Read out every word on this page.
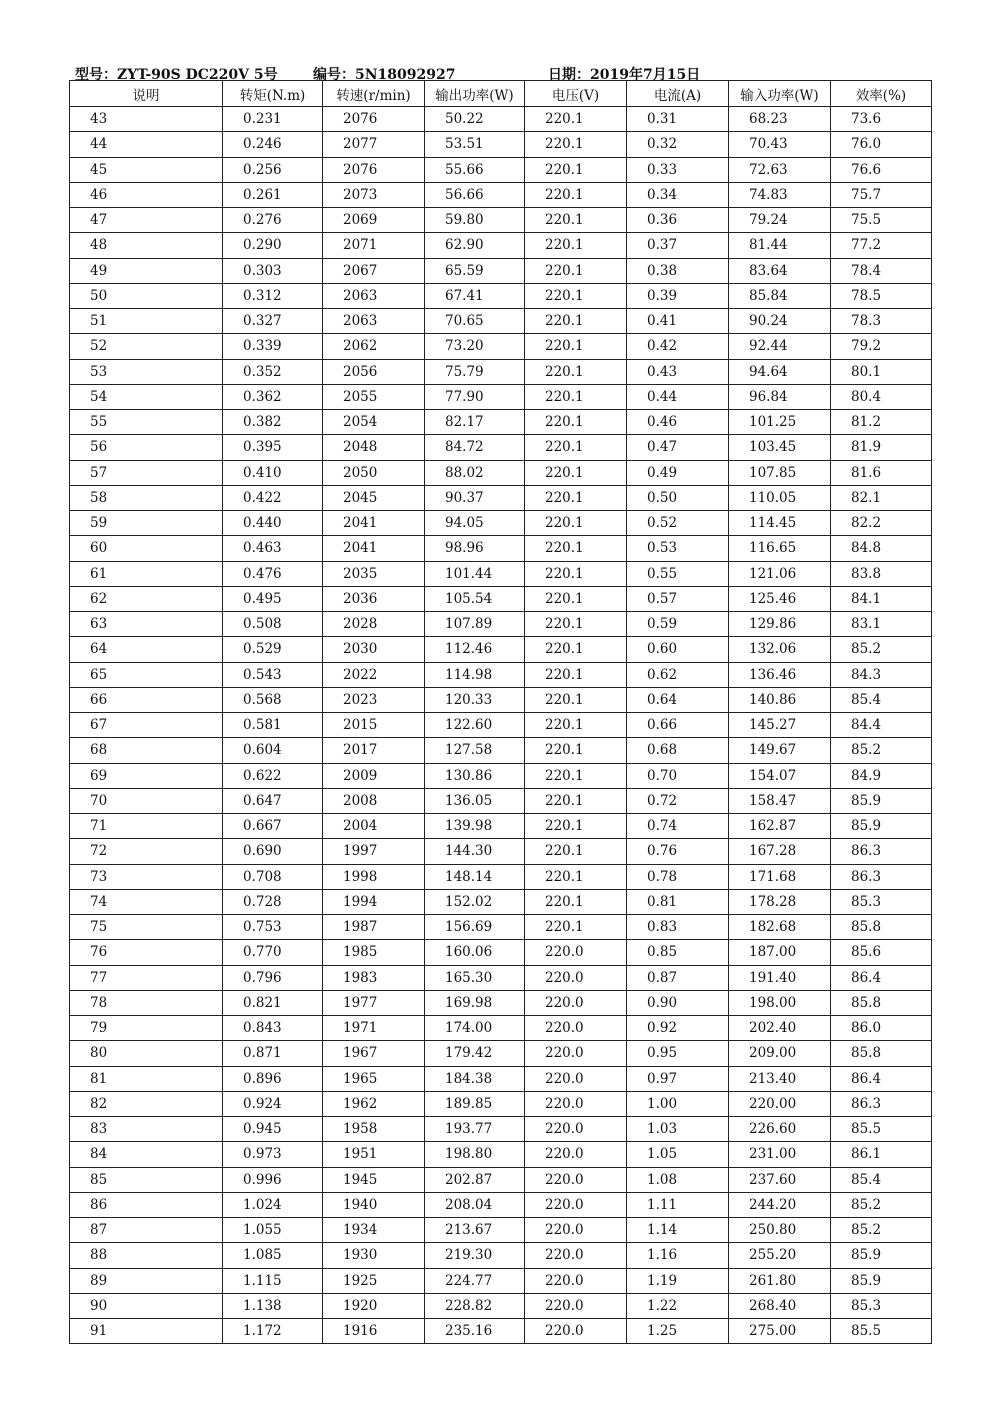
型号：ZYT-90S DC220V 5号	编号：5N18092927	日期：2019年7月15日
说明	转矩(N.m)	转速(r/min)	输出功率(W)	电压(V)	电流(A)	输入功率(W)	效率(%)
43	0.231	2076	50.22	220.1	0.31	68.23	73.6
44	0.246	2077	53.51	220.1	0.32	70.43	76.0
45	0.256	2076	55.66	220.1	0.33	72.63	76.6
46	0.261	2073	56.66	220.1	0.34	74.83	75.7
47	0.276	2069	59.80	220.1	0.36	79.24	75.5
48	0.290	2071	62.90	220.1	0.37	81.44	77.2
49	0.303	2067	65.59	220.1	0.38	83.64	78.4
50	0.312	2063	67.41	220.1	0.39	85.84	78.5
51	0.327	2063	70.65	220.1	0.41	90.24	78.3
52	0.339	2062	73.20	220.1	0.42	92.44	79.2
53	0.352	2056	75.79	220.1	0.43	94.64	80.1
54	0.362	2055	77.90	220.1	0.44	96.84	80.4
55	0.382	2054	82.17	220.1	0.46	101.25	81.2
56	0.395	2048	84.72	220.1	0.47	103.45	81.9
57	0.410	2050	88.02	220.1	0.49	107.85	81.6
58	0.422	2045	90.37	220.1	0.50	110.05	82.1
59	0.440	2041	94.05	220.1	0.52	114.45	82.2
60	0.463	2041	98.96	220.1	0.53	116.65	84.8
61	0.476	2035	101.44	220.1	0.55	121.06	83.8
62	0.495	2036	105.54	220.1	0.57	125.46	84.1
63	0.508	2028	107.89	220.1	0.59	129.86	83.1
64	0.529	2030	112.46	220.1	0.60	132.06	85.2
65	0.543	2022	114.98	220.1	0.62	136.46	84.3
66	0.568	2023	120.33	220.1	0.64	140.86	85.4
67	0.581	2015	122.60	220.1	0.66	145.27	84.4
68	0.604	2017	127.58	220.1	0.68	149.67	85.2
69	0.622	2009	130.86	220.1	0.70	154.07	84.9
70	0.647	2008	136.05	220.1	0.72	158.47	85.9
71	0.667	2004	139.98	220.1	0.74	162.87	85.9
72	0.690	1997	144.30	220.1	0.76	167.28	86.3
73	0.708	1998	148.14	220.1	0.78	171.68	86.3
74	0.728	1994	152.02	220.1	0.81	178.28	85.3
75	0.753	1987	156.69	220.1	0.83	182.68	85.8
76	0.770	1985	160.06	220.0	0.85	187.00	85.6
77	0.796	1983	165.30	220.0	0.87	191.40	86.4
78	0.821	1977	169.98	220.0	0.90	198.00	85.8
79	0.843	1971	174.00	220.0	0.92	202.40	86.0
80	0.871	1967	179.42	220.0	0.95	209.00	85.8
81	0.896	1965	184.38	220.0	0.97	213.40	86.4
82	0.924	1962	189.85	220.0	1.00	220.00	86.3
83	0.945	1958	193.77	220.0	1.03	226.60	85.5
84	0.973	1951	198.80	220.0	1.05	231.00	86.1
85	0.996	1945	202.87	220.0	1.08	237.60	85.4
86	1.024	1940	208.04	220.0	1.11	244.20	85.2
87	1.055	1934	213.67	220.0	1.14	250.80	85.2
88	1.085	1930	219.30	220.0	1.16	255.20	85.9
89	1.115	1925	224.77	220.0	1.19	261.80	85.9
90	1.138	1920	228.82	220.0	1.22	268.40	85.3
91	1.172	1916	235.16	220.0	1.25	275.00	85.5
